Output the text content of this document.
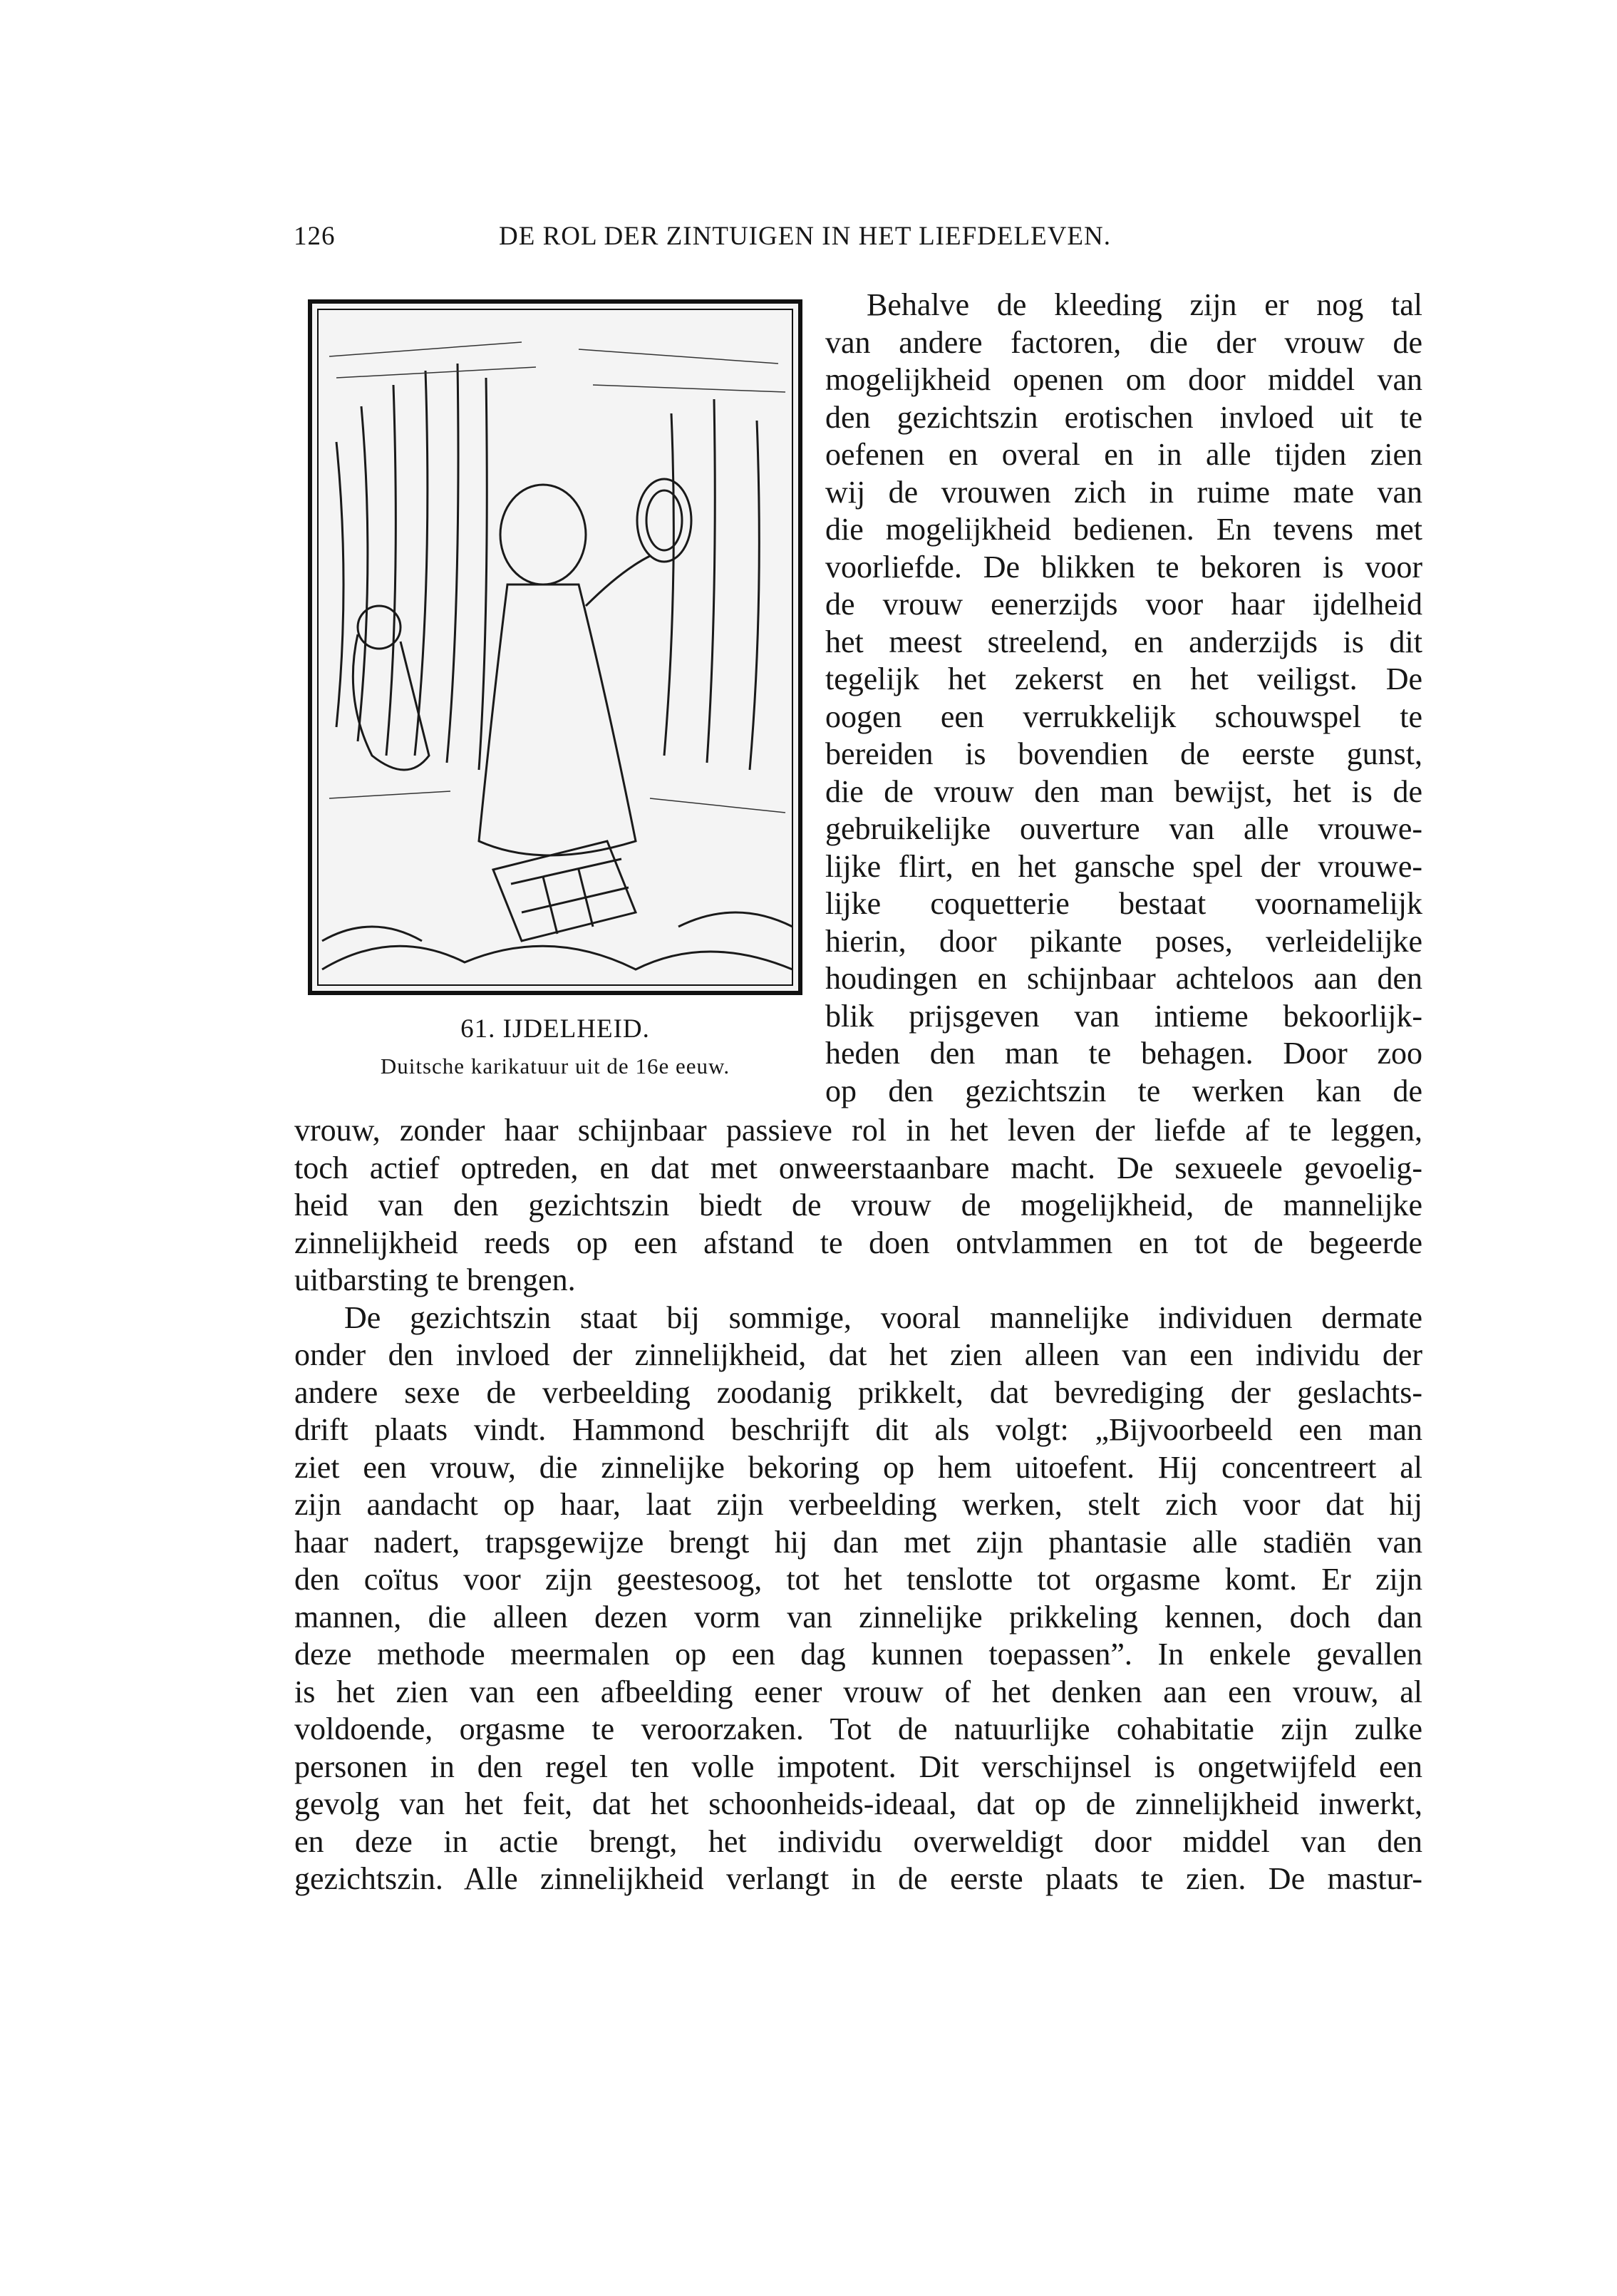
126	DE ROL DER ZINTUIGEN IN HET LIEFDELEVEN.
61. IJDELHEID.
Duitsche karikatuur uit de 16e eeuw.
Behalve de kleeding zijn er nog tal
van andere factoren, die der vrouw de
mogelijkheid openen om door middel van
den gezichtszin erotischen invloed uit te
oefenen en overal en in alle tijden zien
wij de vrouwen zich in ruime mate van
die mogelijkheid bedienen. En tevens met
voorliefde. De blikken te bekoren is voor
de vrouw eenerzijds voor haar ijdelheid
het meest streelend, en anderzijds is dit
tegelijk het zekerst en het veiligst. De
oogen een verrukkelijk schouwspel te
bereiden is bovendien de eerste gunst,
die de vrouw den man bewijst, het is de
gebruikelijke ouverture van alle vrouwe-
lijke flirt, en het gansche spel der vrouwe-
lijke coquetterie bestaat voornamelijk
hierin, door pikante poses, verleidelijke
houdingen en schijnbaar achteloos aan den
blik prijsgeven van intieme bekoorlijk-
heden den man te behagen. Door zoo
op den gezichtszin te werken kan de
vrouw, zonder haar schijnbaar passieve rol in het leven der liefde af te leggen,
toch actief optreden, en dat met onweerstaanbare macht. De sexueele gevoelig-
heid van den gezichtszin biedt de vrouw de mogelijkheid, de mannelijke
zinnelijkheid reeds op een afstand te doen ontvlammen en tot de begeerde
uitbarsting te brengen.
De gezichtszin staat bij sommige, vooral mannelijke individuen dermate
onder den invloed der zinnelijkheid, dat het zien alleen van een individu der
andere sexe de verbeelding zoodanig prikkelt, dat bevrediging der geslachts-
drift plaats vindt. Hammond beschrijft dit als volgt: „Bijvoorbeeld een man
ziet een vrouw, die zinnelijke bekoring op hem uitoefent. Hij concentreert al
zijn aandacht op haar, laat zijn verbeelding werken, stelt zich voor dat hij
haar nadert, trapsgewijze brengt hij dan met zijn phantasie alle stadiën van
den coïtus voor zijn geestesoog, tot het tenslotte tot orgasme komt. Er zijn
mannen, die alleen dezen vorm van zinnelijke prikkeling kennen, doch dan
deze methode meermalen op een dag kunnen toepassen”. In enkele gevallen
is het zien van een afbeelding eener vrouw of het denken aan een vrouw, al
voldoende, orgasme te veroorzaken. Tot de natuurlijke cohabitatie zijn zulke
personen in den regel ten volle impotent. Dit verschijnsel is ongetwijfeld een
gevolg van het feit, dat het schoonheids-ideaal, dat op de zinnelijkheid inwerkt,
en deze in actie brengt, het individu overweldigt door middel van den
gezichtszin. Alle zinnelijkheid verlangt in de eerste plaats te zien. De mastur-
